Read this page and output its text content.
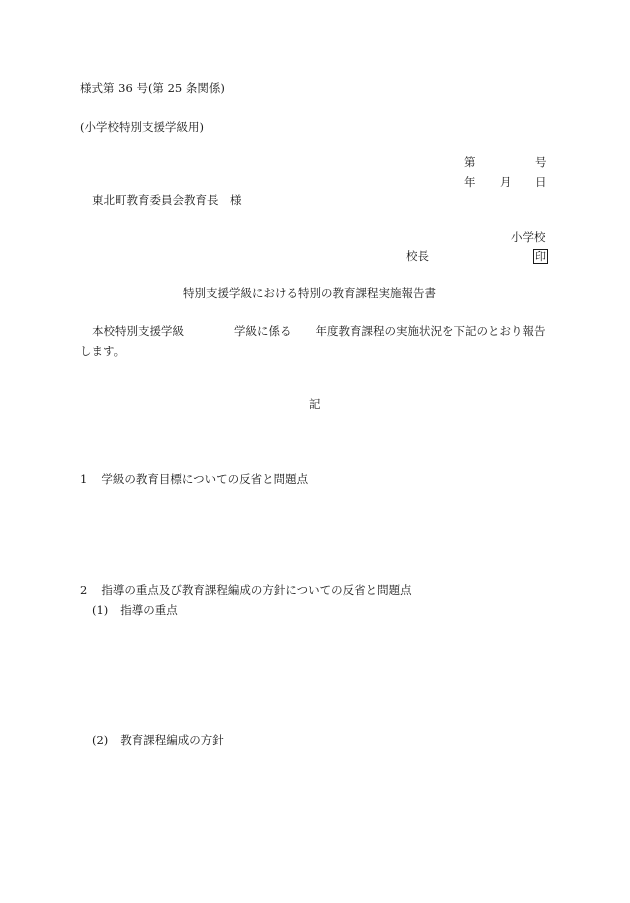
様式第 36 号(第 25 条関係)
(小学校特別支援学級用)
第	号
年 月 日
東北町教育委員会教育長　様
小学校
校長	印
特別支援学級における特別の教育課程実施報告書
本校特別支援学級	学級に係る 年度教育課程の実施状況を下記のとおり報告します。
記
1 学級の教育目標についての反省と問題点
2 指導の重点及び教育課程編成の方針についての反省と問題点
(1) 指導の重点
(2) 教育課程編成の方針
